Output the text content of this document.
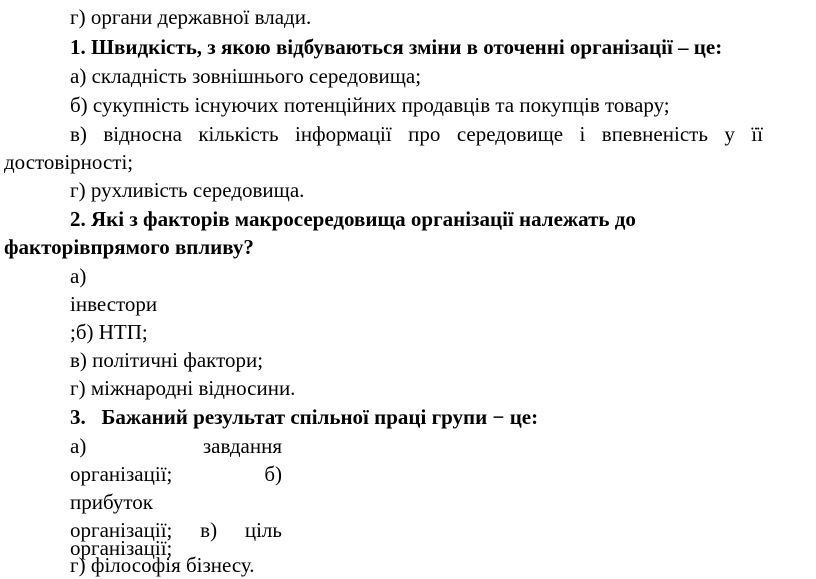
г) органи державної влади.
1. Швидкість, з якою відбуваються зміни в оточенні організації – це:
а) складність зовнішнього середовища;
б) сукупність існуючих потенційних продавців та покупців товару;
в) відносна кількість інформації про середовище і впевненість у її
достовірності;
г) рухливість середовища.
2. Які з факторів макросередовища організації належать до
факторівпрямого впливу?
а)
інвестори
;б) НТП;
в) політичні фактори;
г) міжнародні відносини.
3.   Бажаний результат спільної праці групи − це:
а)	завдання
організації;	б)
прибуток
організації; в) ціль
організації;
г) філософія бізнесу.
